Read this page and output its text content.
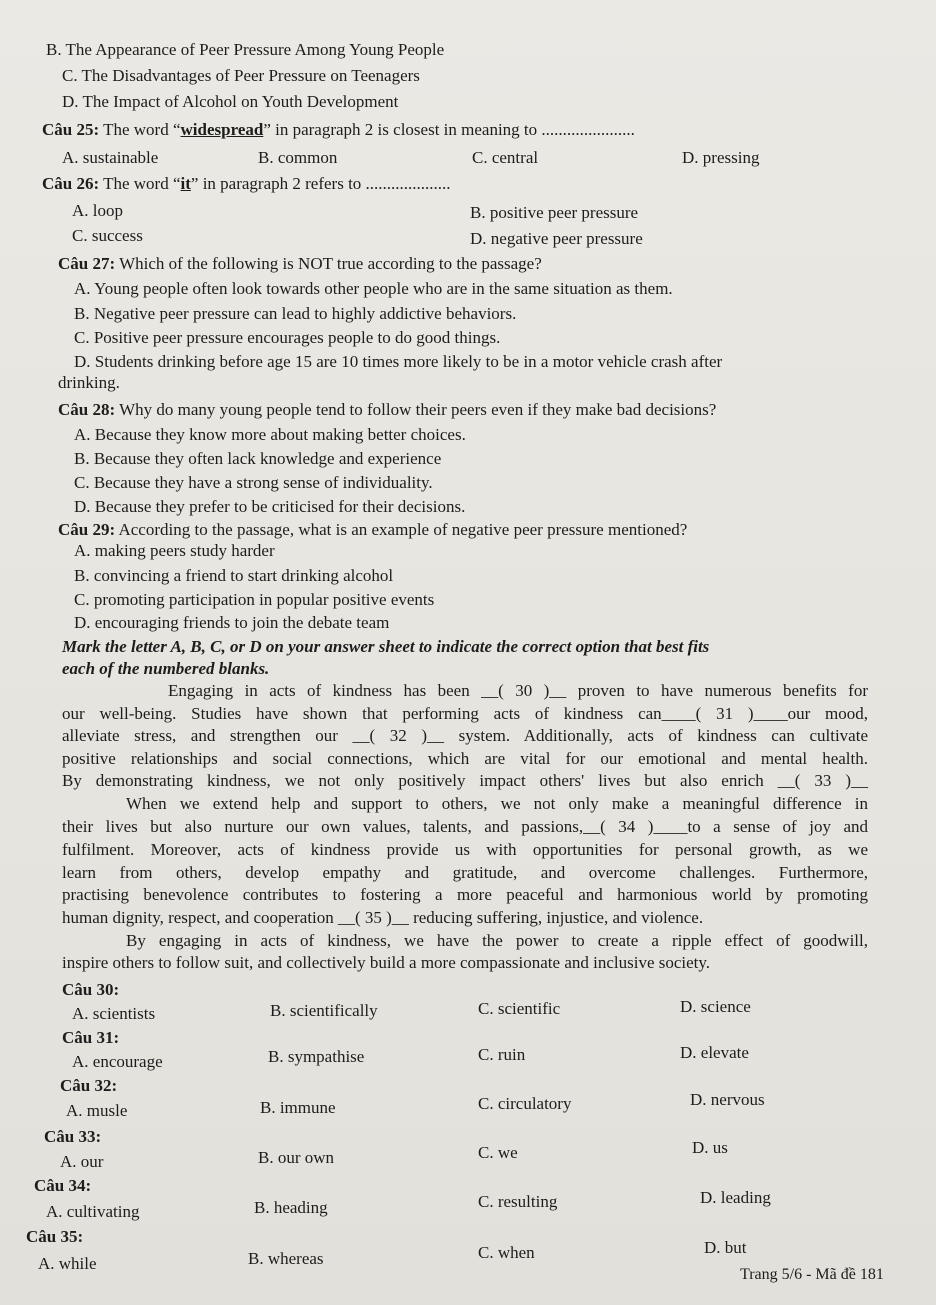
B. The Appearance of Peer Pressure Among Young People
C. The Disadvantages of Peer Pressure on Teenagers
D. The Impact of Alcohol on Youth Development
Câu 25: The word “widespread” in paragraph 2 is closest in meaning to ......................
A. sustainable	B. common	C. central	D. pressing
Câu 26: The word “it” in paragraph 2 refers to ....................
A. loop	B. positive peer pressure
C. success	D. negative peer pressure
Câu 27: Which of the following is NOT true according to the passage?
A. Young people often look towards other people who are in the same situation as them.
B. Negative peer pressure can lead to highly addictive behaviors.
C. Positive peer pressure encourages people to do good things.
D. Students drinking before age 15 are 10 times more likely to be in a motor vehicle crash after
drinking.
Câu 28: Why do many young people tend to follow their peers even if they make bad decisions?
A. Because they know more about making better choices.
B. Because they often lack knowledge and experience
C. Because they have a strong sense of individuality.
D. Because they prefer to be criticised for their decisions.
Câu 29: According to the passage, what is an example of negative peer pressure mentioned?
A. making peers study harder
B. convincing a friend to start drinking alcohol
C. promoting participation in popular positive events
D. encouraging friends to join the debate team
Mark the letter A, B, C, or D on your answer sheet to indicate the correct option that best fits
each of the numbered blanks.
Engaging in acts of kindness has been __( 30 )__ proven to have numerous benefits for
our well-being. Studies have shown that performing acts of kindness can____( 31 )____our mood,
alleviate stress, and strengthen our __( 32 )__ system. Additionally, acts of kindness can cultivate
positive relationships and social connections, which are vital for our emotional and mental health.
By demonstrating kindness, we not only positively impact others' lives but also enrich __( 33 )__
When we extend help and support to others, we not only make a meaningful difference in
their lives but also nurture our own values, talents, and passions,__( 34 )____to a sense of joy and
fulfilment. Moreover, acts of kindness provide us with opportunities for personal growth, as we
learn from others, develop empathy and gratitude, and overcome challenges. Furthermore,
practising benevolence contributes to fostering a more peaceful and harmonious world by promoting
human dignity, respect, and cooperation __( 35 )__ reducing suffering, injustice, and violence.
By engaging in acts of kindness, we have the power to create a ripple effect of goodwill,
inspire others to follow suit, and collectively build a more compassionate and inclusive society.
Câu 30:
A. scientists	B. scientifically	C. scientific	D. science
Câu 31:
A. encourage	B. sympathise	C. ruin	D. elevate
Câu 32:
A. musle	B. immune	C. circulatory	D. nervous
Câu 33:
A. our	B. our own	C. we	D. us
Câu 34:
A. cultivating	B. heading	C. resulting	D. leading
Câu 35:
A. while	B. whereas	C. when	D. but
Trang 5/6 - Mã đề 181
